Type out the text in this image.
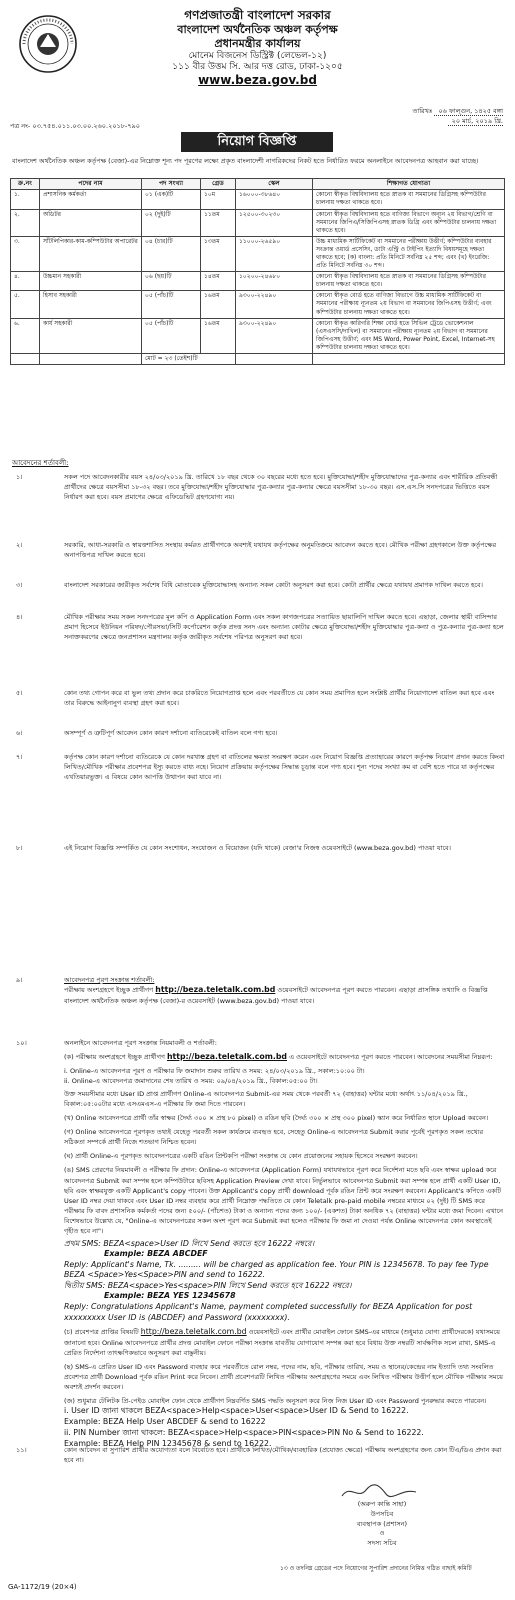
গণপ্রজাতন্ত্রী বাংলাদেশ সরকার
বাংলাদেশ অর্থনৈতিক অঞ্চল কর্তৃপক্ষ
প্রধানমন্ত্রীর কার্যালয়
মোনেম বিজনেস ডিস্ট্রিক্ট (লেভেল-১২)
১১১ বীর উত্তম সি. আর দত্ত রোড, ঢাকা-১২০৫
www.beza.gov.bd
তারিখঃ ০৬ ফাল্গুন, ১৪২৫ বঙ্গা
২০ মার্চ, ২০১৯ খ্রি.
পত্র নং- ০৩.৭৫৪.০১১.০৩.০০.২৬০.২০১৮-৭৯০
নিয়োগ বিজ্ঞপ্তি
বাংলাদেশ অর্থনৈতিক অঞ্চল কর্তৃপক্ষ (বেজা)-এর নিম্নোক্ত শূন্য পদ পূরণের লক্ষ্যে প্রকৃত বাংলাদেশী নাগরিকদের নিকট হতে নির্ধারিত ফরমে অনলাইনে আবেদনপত্র আহবান করা যাচ্ছে।
ক্র.নং	পদের নাম	পদ সংখ্যা	গ্রেড	স্কেল	শিক্ষাগত যোগ্যতা
১.	প্রশাসনিক কর্মকর্তা	০১ (এক)টি	১০ম	১৬০০০-৩৮৬৪০	কোনো স্বীকৃত বিশ্ববিদ্যালয় হতে স্নাতক বা সমমানের ডিগ্রিসহ কম্পিউটার চালনায় দক্ষতা থাকতে হবে।
২.	অডিটর	০২ (দুই)টি	১১তম	১২৫০০-৩০২৩০	কোনো স্বীকৃত বিশ্ববিদ্যালয় হতে বাণিজ্য বিভাগে অন্যূন ২য় বিভাগ/শ্রেণি বা সমমানের জিপিএ/সিজিপিএসহ স্নাতক ডিগ্রি এবং কম্পিউটার চালনায় দক্ষতা থাকতে হবে।
৩.	সাঁটলিপিকার-কাম-কম্পিউটার অপারেটর	০৪ (চার)টি	১৩তম	১১০০০-২৬৫৯০	উচ্চ মাধ্যমিক সার্টিফিকেট বা সমমানের পরীক্ষায় উত্তীর্ণ; কম্পিউটার ব্যবহার সংক্রান্ত ওয়ার্ড প্রসেসিং, ডাটা এন্ট্রি ও টাইপিং ইত্যাদি বিষয়সমূহে দক্ষতা থাকতে হবে; (ক) বাংলা: প্রতি মিনিটে সর্বনিম্ন ২৫ শব্দ; এবং (খ) ইংরেজি: প্রতি মিনিটে সর্বনিম্ন ৩০ শব্দ।
৪.	উচ্চমান সহকারী	০৬ (ছয়)টি	১৪তম	১০২০০-২৪৬৮০	কোনো স্বীকৃত বিশ্ববিদ্যালয় হতে স্নাতক বা সমমানের ডিগ্রিসহ কম্পিউটার চালনায় দক্ষতা থাকতে হবে।
৫.	হিসাব সহকারী	০৫ (পাঁচ)টি	১৬তম	৯৩০০-২২৪৯০	কোনো স্বীকৃত বোর্ড হতে বাণিজ্য বিভাগে উচ্চ মাধ্যমিক সার্টিফিকেট বা সমমানের পরীক্ষায় ন্যূনতম ২য় বিভাগ বা সমমানের জিপিএসহ উত্তীর্ণ; এবং কম্পিউটার চালনায় দক্ষতা থাকতে হবে।
৬.	কার্য সহকারী	০৫ (পাঁচ)টি	১৬তম	৯৩০০-২২৪৯০	কোনো স্বীকৃত কারিগরি শিক্ষা বোর্ড হতে সিভিল ট্রেডে ভোকেশনাল (এসএসসি/দাখিল) বা সমমানের পরীক্ষায় ন্যূনতম ২য় বিভাগ বা সমমানের জিপিএসহ উত্তীর্ণ; এবং MS Word, Power Point, Excel, Internet-সহ কম্পিউটার চালনায় দক্ষতা থাকতে হবে।
		মোট = ২৩ (তেইশ)টি			
আবেদনের শর্তাবলী:
১।	সকল পদে আবেদনকারীর বয়স ২৪/০৩/২০১৯ খ্রি. তারিখে ১৮ বছর থেকে ৩০ বছরের মধ্যে হতে হবে। মুক্তিযোদ্ধা/শহীদ মুক্তিযোদ্ধাদের পুত্র-কন্যার এবং শারীরিক প্রতিবন্ধী প্রার্থীদের ক্ষেত্রে বয়সসীমা ১৮-৩২ বছর। তবে মুক্তিযোদ্ধা/শহীদ মুক্তিযোদ্ধার পুত্র-কন্যার পুত্র-কন্যার ক্ষেত্রে বয়সসীমা ১৮-৩০ বছর। এস.এস.সি সনদপত্রের ভিত্তিতে বয়স নির্ধারণ করা হবে। বয়স প্রমাণের ক্ষেত্রে এফিডেভিট গ্রহণযোগ্য নয়।
২।	সরকারি, আধা-সরকারি ও স্বায়ত্তশাসিত সংস্থায় কর্মরত প্রার্থীগণকে অবশ্যই যথাযথ কর্তৃপক্ষের অনুমতিক্রমে আবেদন করতে হবে। মৌখিক পরীক্ষা গ্রহণকালে উক্ত কর্তৃপক্ষের অনাপত্তিপত্র দাখিল করতে হবে।
৩।	বাংলাদেশ সরকারের জারীকৃত সর্বশেষ বিধি মোতাবেক মুক্তিযোদ্ধাসহ অন্যান্য সকল কোটা অনুসরণ করা হবে। কোটা প্রার্থীর ক্ষেত্রে যথাযথ প্রমাণক দাখিল করতে হবে।
৪।	মৌখিক পরীক্ষার সময় সকল সনদপত্রের মূল কপি ও Application Form এবং সকল কাগজপত্রের সত্যায়িত ছায়ালিপি দাখিল করতে হবে। এছাড়া, জেলার স্থায়ী বাসিন্দার প্রমাণ হিসেবে ইউনিয়ন পরিষদ/পৌরসভা/সিটি কর্পোরেশন কর্তৃক প্রদত্ত সনদ এবং অন্যান্য কোটার ক্ষেত্রে মুক্তিযোদ্ধা/শহীদ মুক্তিযোদ্ধার পুত্র-কন্যা ও পুত্র-কন্যার পুত্র-কন্যা হলে সনাক্তকরণের ক্ষেত্রে জনপ্রশাসন মন্ত্রণালয় কর্তৃক জারীকৃত সর্বশেষ পরিপত্র অনুসরণ করা হবে।
৫।	কোন তথ্য গোপন করে বা ভুল তথ্য প্রদান করে চাকরিতে নিয়োগপ্রাপ্ত হলে এবং পরবর্তীতে যে কোন সময় প্রমাণিত হলে সংশ্লিষ্ট প্রার্থীর নিয়োগাদেশ বাতিল করা হবে এবং তার বিরুদ্ধে আইনানুগ ব্যবস্থা গ্রহণ করা হবে।
৬।	অসম্পূর্ণ ও ত্রুটিপূর্ণ আবেদন কোন কারণ দর্শানো ব্যতিরেকেই বাতিল বলে গণ্য হবে।
৭।	কর্তৃপক্ষ কোন কারণ দর্শানো ব্যতিরেকে যে কোন দরখাস্ত গ্রহণ বা বাতিলের ক্ষমতা সংরক্ষণ করেন এবং নিয়োগ বিজ্ঞপ্তি প্রত্যাহারের কারণে কর্তৃপক্ষ নিয়োগ প্রদান করতে কিংবা লিখিত/মৌখিক পরীক্ষার প্রবেশপত্র ইস্যু করতে বাধ্য নহে। নিয়োগ প্রক্রিয়ায় কর্তৃপক্ষের সিদ্ধান্ত চূড়ান্ত বলে গণ্য হবে। শূন্য পদের সংখ্যা কম বা বেশি হতে পারে যা কর্তৃপক্ষের এখতিয়ারভুক্ত। এ বিষয়ে কোন আপত্তি উত্থাপন করা যাবে না।
৮।	এই নিয়োগ বিজ্ঞপ্তি সম্পর্কিত যে কোন সংশোধন, সংযোজন ও বিয়োজন (যদি থাকে) বেজা'র নিজস্ব ওয়েবসাইটে (www.beza.gov.bd) পাওয়া যাবে।
৯।	আবেদনপত্র পূরণ সংক্রান্ত শর্তাবলী:
পরীক্ষায় অংশগ্রহণে ইচ্ছুক প্রার্থীগণ http://beza.teletalk.com.bd ওয়েবসাইটে আবেদনপত্র পূরণ করতে পারবেন। এছাড়া প্রাসঙ্গিক তথ্যাদি ও বিজ্ঞপ্তি বাংলাদেশ অর্থনৈতিক অঞ্চল কর্তৃপক্ষ (বেজা)-র ওয়েবসাইট (www.beza.gov.bd) পাওয়া যাবে।
১০।	অনলাইনে আবেদনপত্র পূরণ সংক্রান্ত নিয়মাবলী ও শর্তাবলী:
(ক) পরীক্ষায় অংশগ্রহণে ইচ্ছুক প্রার্থীগণ http://beza.teletalk.com.bd এ ওয়েবসাইটে আবেদনপত্র পূরণ করতে পারবেন। আবেদনের সময়সীমা নিম্নরূপ:
i. Online-এ আবেদনপত্র পূরণ ও পরীক্ষার ফি জমাদান শুরুর তারিখ ও সময়: ২৪/০৩/২০১৯ খ্রি., সকাল:১০:০০ টা।
ii. Online-এ আবেদনপত্র জমাদানের শেষ তারিখ ও সময়: ০৯/০৪/২০১৯ খ্রি., বিকাল:০৫:০০ টা।
উক্ত সময়সীমার মধ্যে User ID প্রাপ্ত প্রার্থীগণ Online-এ আবেদনপত্র Submit-এর সময় থেকে পরবর্তী ৭২ (বাহাত্তর) ঘন্টার মধ্যে অর্থাৎ ১১/০৪/২০১৯ খ্রি., বিকাল:০৫:০০টার মধ্যে এসএমএস-এ পরীক্ষার ফি জমা দিতে পারবেন।
(খ) Online আবেদনপত্রে প্রার্থী তাঁর স্বাক্ষর (দৈর্ঘ্য ৩০০ × প্রস্থ ৮০ pixel) ও রঙিন ছবি (দৈর্ঘ্য ৩০০ × প্রস্থ ৩০০ pixel) স্ক্যান করে নির্ধারিত স্থানে Upload করবেন।
(গ) Online আবেদনপত্রে পূরণকৃত তথ্যই যেহেতু পরবর্তী সকল কার্যক্রমে ব্যবহৃত হবে, সেহেতু Online-এ আবেদনপত্র Submit করার পূর্বেই পূরণকৃত সকল তথ্যের সঠিকতা সম্পর্কে প্রার্থী নিজে শতভাগ নিশ্চিত হবেন।
(ঘ) প্রার্থী Online-এ পূরণকৃত আবেদনপত্রের একটি রঙিন প্রিন্টকপি পরীক্ষা সংক্রান্ত যে কোন প্রয়োজনের সহায়ক হিসেবে সংরক্ষণ করবেন।
(ঙ) SMS প্রেরণের নিয়মাবলী ও পরীক্ষার ফি প্রদান: Online-এ আবেদনপত্র (Application Form) যথাযথভাবে পূরণ করে নির্দেশনা মতে ছবি এবং স্বাক্ষর upload করে আবেদনপত্র Submit করা সম্পন্ন হলে কম্পিউটারে ছবিসহ Application Preview দেখা যাবে। নির্ভুলভাবে আবেদনপত্র Submit করা সম্পন্ন হলে প্রার্থী একটি User ID, ছবি এবং স্বাক্ষরযুক্ত একটি Applicant's copy পাবেন। উক্ত Applicant's copy প্রার্থী download পূর্বক রঙিন প্রিন্ট করে সংরক্ষণ করবেন। Applicant's কপিতে একটি User ID নম্বর দেয়া থাকবে এবং User ID নম্বর ব্যবহার করে প্রার্থী নিম্নোক্ত পদ্ধতিতে যে কোন Teletalk pre-paid mobile নম্বরের মাধ্যমে ০২ (দুই) টি SMS করে পরীক্ষার ফি বাবদ প্রশাসনিক কর্মকর্তা পদের জন্য ৫০০/- (পাঁচশত) টাকা ও অন্যান্য পদের জন্য ১০০/- (একশত) টাকা অনধিক ৭২ (বাহাত্তর) ঘন্টার মধ্যে জমা দিবেন। এখানে বিশেষভাবে উল্লেখ্য যে, "Online-এ আবেদনপত্রের সকল অংশ পূরণ করে Submit করা হলেও পরীক্ষার ফি জমা না দেওয়া পর্যন্ত Online আবেদনপত্র কোন অবস্থাতেই গৃহীত হবে না"।
প্রথম SMS: BEZA<space>User ID লিখে Send করতে হবে 16222 নম্বরে।
Example: BEZA ABCDEF
Reply: Applicant's Name, Tk. ......... will be charged as application fee. Your PIN is 12345678. To pay fee Type BEZA <Space>Yes<Space>PIN and send to 16222.
দ্বিতীয় SMS: BEZA<space>Yes<space>PIN লিখে Send করতে হবে 16222 নম্বরে।
Example: BEZA YES 12345678
Reply: Congratulations Applicant's Name, payment completed successfully for BEZA Application for post xxxxxxxxx User ID is (ABCDEF) and Password (xxxxxxxx).
(চ) প্রবেশপত্র প্রাপ্তির বিষয়টি http://beza.teletalk.com.bd ওয়েবসাইটে এবং প্রার্থীর মোবাইল ফোনে SMS-এর মাধ্যমে (শুধুমাত্র যোগ্য প্রার্থীদেরকে) যথাসময়ে জানানো হবে। Online আবেদনপত্রে প্রার্থীর প্রদত্ত মোবাইল ফোনে পরীক্ষা সংক্রান্ত যাবতীয় যোগাযোগ সম্পন্ন করা হবে বিধায় উক্ত নম্বরটি সার্বক্ষণিক সচল রাখা, SMS-এ প্রেরিত নির্দেশনা তাৎক্ষণিকভাবে অনুসরণ করা বাঞ্ছনীয়।
(ছ) SMS-এ প্রেরিত User ID এবং Password ব্যবহার করে পরবর্তীতে রোল নম্বর, পদের নাম, ছবি, পরীক্ষার তারিখ, সময় ও স্থানের/কেন্দ্রের নাম ইত্যাদি তথ্য সংবলিত প্রবেশপত্র প্রার্থী Download পূর্বক রঙিন Print করে নিবেন। প্রার্থী প্রবেশপত্রটি লিখিত পরীক্ষায় অংশগ্রহণের সময়ে এবং লিখিত পরীক্ষায় উত্তীর্ণ হলে মৌখিক পরীক্ষার সময়ে অবশ্যই প্রদর্শন করবেন।
(জ) শুধুমাত্র টেলিটক প্রি-পেইড মোবাইল ফোন থেকে প্রার্থীগণ নিম্নবর্ণিত SMS পদ্ধতি অনুসরণ করে নিজ নিজ User ID এবং Password পুনরুদ্ধার করতে পারবেন।
i. User ID জানা থাকলে BEZA<space>Help<space>User<space>User ID & Send to 16222.
Example: BEZA Help User ABCDEF & send to 16222
ii. PIN Number জানা থাকলে: BEZA<space>Help<space>PIN<space>PIN No & Send to 16222.
Example: BEZA Help PIN 12345678 & send to 16222.
১১।	কোন আবেদন বা সুপারিশ প্রার্থীর অযোগ্যতা বলে বিবেচিত হবে। প্রার্থীকে লিখিত/মৌখিক/ব্যবহারিক (প্রযোজ্য ক্ষেত্রে) পরীক্ষায় অংশগ্রহণের জন্য কোন টিএ/ডিএ প্রদান করা হবে না।
(অরুপ কান্তি সাহা)
উপসচিব
ব্যবস্থাপক (প্রশাসন)
ও
সদস্য সচিব
১৩ ও তদনিম্ন গ্রেডের পদে নিয়োগের সুপারিশ প্রদানের নিমিত্ত গঠিত বাছাই কমিটি
GA-1172/19 (20×4)
